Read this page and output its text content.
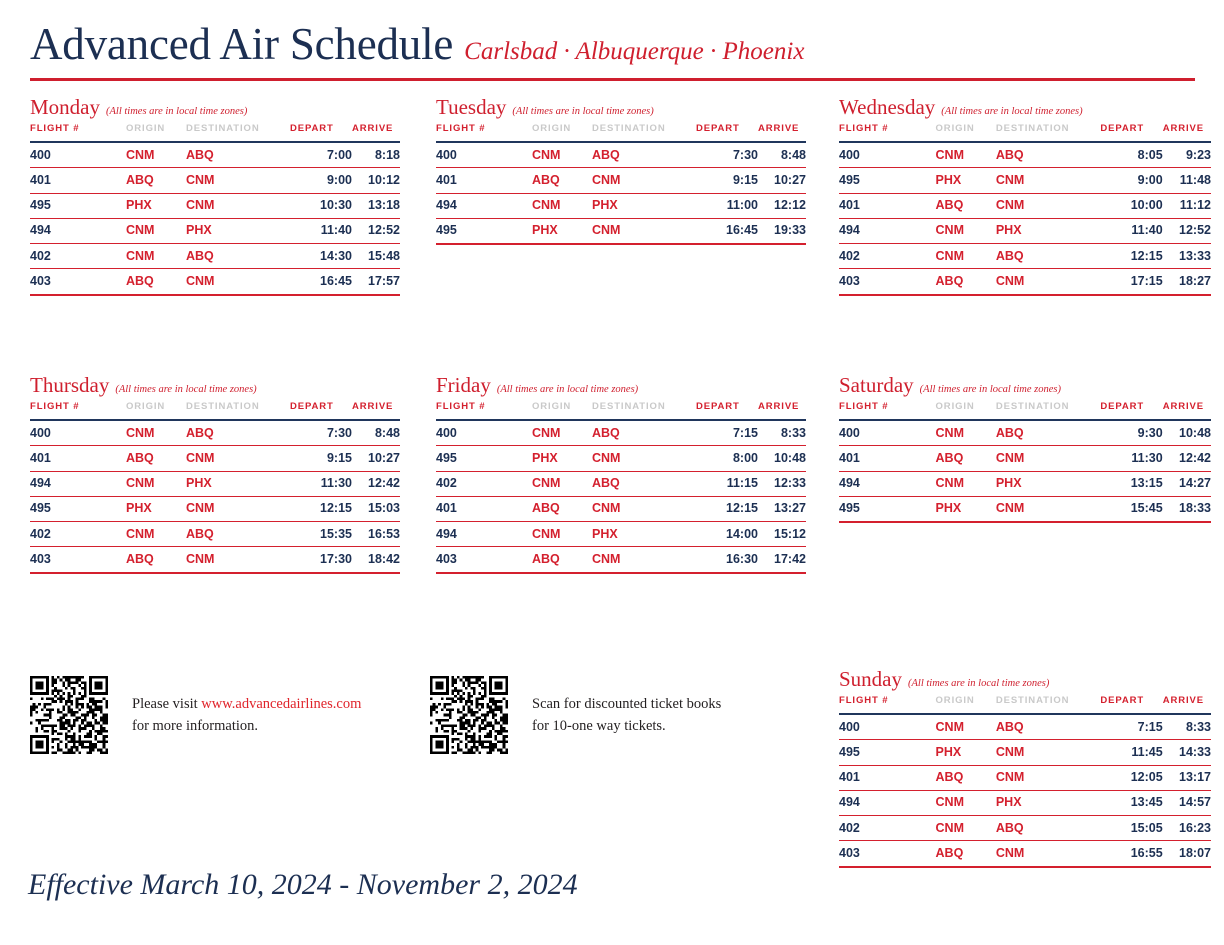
Advanced Air Schedule Carlsbad · Albuquerque · Phoenix
Monday (All times are in local time zones)
FLIGHT #	ORIGIN	DESTINATION	DEPART	ARRIVE
400	CNM	ABQ	7:00	8:18
401	ABQ	CNM	9:00	10:12
495	PHX	CNM	10:30	13:18
494	CNM	PHX	11:40	12:52
402	CNM	ABQ	14:30	15:48
403	ABQ	CNM	16:45	17:57
Tuesday (All times are in local time zones)
FLIGHT #	ORIGIN	DESTINATION	DEPART	ARRIVE
400	CNM	ABQ	7:30	8:48
401	ABQ	CNM	9:15	10:27
494	CNM	PHX	11:00	12:12
495	PHX	CNM	16:45	19:33
Wednesday (All times are in local time zones)
FLIGHT #	ORIGIN	DESTINATION	DEPART	ARRIVE
400	CNM	ABQ	8:05	9:23
495	PHX	CNM	9:00	11:48
401	ABQ	CNM	10:00	11:12
494	CNM	PHX	11:40	12:52
402	CNM	ABQ	12:15	13:33
403	ABQ	CNM	17:15	18:27
Thursday (All times are in local time zones)
FLIGHT #	ORIGIN	DESTINATION	DEPART	ARRIVE
400	CNM	ABQ	7:30	8:48
401	ABQ	CNM	9:15	10:27
494	CNM	PHX	11:30	12:42
495	PHX	CNM	12:15	15:03
402	CNM	ABQ	15:35	16:53
403	ABQ	CNM	17:30	18:42
Friday (All times are in local time zones)
FLIGHT #	ORIGIN	DESTINATION	DEPART	ARRIVE
400	CNM	ABQ	7:15	8:33
495	PHX	CNM	8:00	10:48
402	CNM	ABQ	11:15	12:33
401	ABQ	CNM	12:15	13:27
494	CNM	PHX	14:00	15:12
403	ABQ	CNM	16:30	17:42
Saturday (All times are in local time zones)
FLIGHT #	ORIGIN	DESTINATION	DEPART	ARRIVE
400	CNM	ABQ	9:30	10:48
401	ABQ	CNM	11:30	12:42
494	CNM	PHX	13:15	14:27
495	PHX	CNM	15:45	18:33
Sunday (All times are in local time zones)
FLIGHT #	ORIGIN	DESTINATION	DEPART	ARRIVE
400	CNM	ABQ	7:15	8:33
495	PHX	CNM	11:45	14:33
401	ABQ	CNM	12:05	13:17
494	CNM	PHX	13:45	14:57
402	CNM	ABQ	15:05	16:23
403	ABQ	CNM	16:55	18:07
Please visit www.advancedairlines.com
for more information.
Scan for discounted ticket books
for 10-one way tickets.
Effective March 10, 2024 - November 2, 2024
